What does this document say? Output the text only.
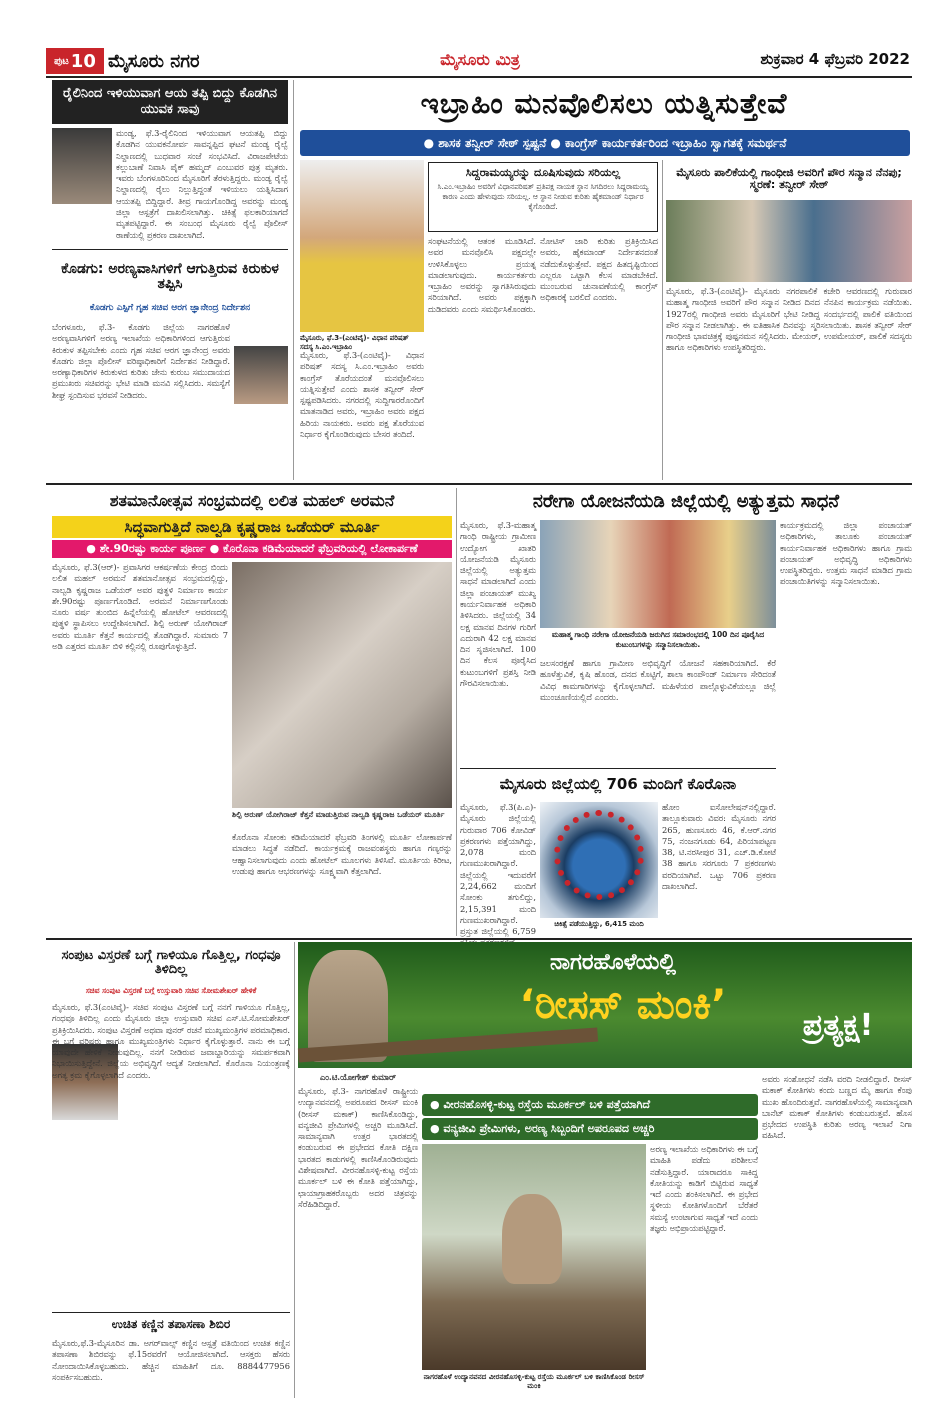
ಪುಟ 10 ಮೈಸೂರು ನಗರ	ಮೈಸೂರು ಮಿತ್ರ	ಶುಕ್ರವಾರ 4 ಫೆಬ್ರವರಿ 2022
ರೈಲಿನಿಂದ ಇಳಿಯುವಾಗ ಆಯ ತಪ್ಪಿ ಬಿದ್ದು ಕೊಡಗಿನ ಯುವಕ ಸಾವು
ಮಂಡ್ಯ, ಫೆ.3-ರೈಲಿನಿಂದ ಇಳಿಯುವಾಗ ಆಯತಪ್ಪಿ ಬಿದ್ದು ಕೊಡಗಿನ ಯುವಕನೋರ್ವ ಸಾವನ್ನಪ್ಪಿದ ಘಟನೆ ಮಂಡ್ಯ ರೈಲ್ವೆ ನಿಲ್ದಾಣದಲ್ಲಿ ಬುಧವಾರ ಸಂಜೆ ಸಂಭವಿಸಿದೆ. ವಿರಾಜಪೇಟೆಯ ಕಲ್ಲುಬಾಣೆ ನಿವಾಸಿ ಪೈಕ್ ಹಮ್ಮದ್ ಎಂಬುವರ ಪುತ್ರ ಮೃತರು. ಇವರು ಬೆಂಗಳೂರಿನಿಂದ ಮೈಸೂರಿಗೆ ತೆರಳುತ್ತಿದ್ದರು. ಮಂಡ್ಯ ರೈಲ್ವೆ ನಿಲ್ದಾಣದಲ್ಲಿ ರೈಲು ನಿಲ್ಲುತ್ತಿದ್ದಂತೆ ಇಳಿಯಲು ಯತ್ನಿಸಿದಾಗ ಆಯತಪ್ಪಿ ಬಿದ್ದಿದ್ದಾರೆ. ತೀವ್ರ ಗಾಯಗೊಂಡಿದ್ದ ಅವರನ್ನು ಮಂಡ್ಯ ಜಿಲ್ಲಾ ಆಸ್ಪತ್ರೆಗೆ ದಾಖಲಿಸಲಾಗಿತ್ತು. ಚಿಕಿತ್ಸೆ ಫಲಕಾರಿಯಾಗದೆ ಮೃತಪಟ್ಟಿದ್ದಾರೆ. ಈ ಸಂಬಂಧ ಮೈಸೂರು ರೈಲ್ವೆ ಪೊಲೀಸ್ ಠಾಣೆಯಲ್ಲಿ ಪ್ರಕರಣ ದಾಖಲಾಗಿದೆ.
ಕೊಡಗು: ಅರಣ್ಯವಾಸಿಗಳಿಗೆ ಆಗುತ್ತಿರುವ ಕಿರುಕುಳ ತಪ್ಪಿಸಿ
ಕೊಡಗು ಎಸ್ಪಿಗೆ ಗೃಹ ಸಚಿವ ಆರಗ ಜ್ಞಾನೇಂದ್ರ ನಿರ್ದೇಶನ
ಬೆಂಗಳೂರು, ಫೆ.3- ಕೊಡಗು ಜಿಲ್ಲೆಯ ನಾಗರಹೊಳೆ ಅರಣ್ಯವಾಸಿಗಳಿಗೆ ಅರಣ್ಯ ಇಲಾಖೆಯ ಅಧಿಕಾರಿಗಳಿಂದ ಆಗುತ್ತಿರುವ ಕಿರುಕುಳ ತಪ್ಪಿಸಬೇಕು ಎಂದು ಗೃಹ ಸಚಿವ ಆರಗ ಜ್ಞಾನೇಂದ್ರ ಅವರು ಕೊಡಗು ಜಿಲ್ಲಾ ಪೊಲೀಸ್ ವರಿಷ್ಠಾಧಿಕಾರಿಗೆ ನಿರ್ದೇಶನ ನೀಡಿದ್ದಾರೆ. ಅರಣ್ಯಾಧಿಕಾರಿಗಳ ಕಿರುಕುಳದ ಕುರಿತು ಜೇನು ಕುರುಬ ಸಮುದಾಯದ ಪ್ರಮುಖರು ಸಚಿವರನ್ನು ಭೇಟಿ ಮಾಡಿ ಮನವಿ ಸಲ್ಲಿಸಿದರು. ಸಮಸ್ಯೆಗೆ ಶೀಘ್ರ ಸ್ಪಂದಿಸುವ ಭರವಸೆ ನೀಡಿದರು.
ಇಬ್ರಾಹಿಂ ಮನವೊಲಿಸಲು ಯತ್ನಿಸುತ್ತೇವೆ
● ಶಾಸಕ ತನ್ವೀರ್ ಸೇಠ್ ಸ್ಪಷ್ಟನೆ ● ಕಾಂಗ್ರೆಸ್ ಕಾರ್ಯಕರ್ತರಿಂದ ಇಬ್ರಾಹಿಂ ಸ್ವಾಗತಕ್ಕೆ ಸಮರ್ಥನೆ
ಮೈಸೂರು, ಫೆ.3-(ಎಂಟಿವೈ)- ವಿಧಾನ ಪರಿಷತ್ ಸದಸ್ಯ ಸಿ.ಎಂ.ಇಬ್ರಾಹಿಂ
ಸಿದ್ದರಾಮಯ್ಯರನ್ನು ದೂಷಿಸುವುದು ಸರಿಯಲ್ಲ
ಸಿ.ಎಂ.ಇಬ್ರಾಹಿಂ ಅವರಿಗೆ ವಿಧಾನಪರಿಷತ್ ಪ್ರತಿಪಕ್ಷ ನಾಯಕ ಸ್ಥಾನ ಸಿಗದಿರಲು ಸಿದ್ದರಾಮಯ್ಯ ಕಾರಣ ಎಂದು ಹೇಳುವುದು ಸರಿಯಲ್ಲ. ಆ ಸ್ಥಾನ ನೀಡುವ ಕುರಿತು ಹೈಕಮಾಂಡ್ ನಿರ್ಧಾರ ಕೈಗೊಂಡಿದೆ.
ಮೈಸೂರು, ಫೆ.3-(ಎಂಟಿವೈ)- ವಿಧಾನ ಪರಿಷತ್ ಸದಸ್ಯ ಸಿ.ಎಂ.ಇಬ್ರಾಹಿಂ ಅವರು ಕಾಂಗ್ರೆಸ್ ತೊರೆಯದಂತೆ ಮನವೊಲಿಸಲು ಯತ್ನಿಸುತ್ತೇವೆ ಎಂದು ಶಾಸಕ ತನ್ವೀರ್ ಸೇಠ್ ಸ್ಪಷ್ಟಪಡಿಸಿದರು. ನಗರದಲ್ಲಿ ಸುದ್ದಿಗಾರರೊಂದಿಗೆ ಮಾತನಾಡಿದ ಅವರು, ಇಬ್ರಾಹಿಂ ಅವರು ಪಕ್ಷದ ಹಿರಿಯ ನಾಯಕರು. ಅವರು ಪಕ್ಷ ತೊರೆಯುವ ನಿರ್ಧಾರ ಕೈಗೊಂಡಿರುವುದು ಬೇಸರ ತಂದಿದೆ.
ಸಂಘಟನೆಯಲ್ಲಿ ಆತಂಕ ಮೂಡಿಸಿದೆ. ಅವರ ಮನವೊಲಿಸಿ ಪಕ್ಷದಲ್ಲೇ ಉಳಿಸಿಕೊಳ್ಳಲು ಪ್ರಯತ್ನ ಮಾಡಲಾಗುವುದು. ಕಾರ್ಯಕರ್ತರು ಇಬ್ರಾಹಿಂ ಅವರನ್ನು ಸ್ವಾಗತಿಸಿರುವುದು ಸರಿಯಾಗಿದೆ. ಅವರು ಪಕ್ಷಕ್ಕಾಗಿ ದುಡಿದವರು ಎಂದು ಸಮರ್ಥಿಸಿಕೊಂಡರು.
ನೋಟಿಸ್ ಜಾರಿ ಕುರಿತು ಪ್ರತಿಕ್ರಿಯಿಸಿದ ಅವರು, ಹೈಕಮಾಂಡ್ ನಿರ್ದೇಶನದಂತೆ ನಡೆದುಕೊಳ್ಳುತ್ತೇವೆ. ಪಕ್ಷದ ಹಿತದೃಷ್ಟಿಯಿಂದ ಎಲ್ಲರೂ ಒಟ್ಟಾಗಿ ಕೆಲಸ ಮಾಡಬೇಕಿದೆ. ಮುಂಬರುವ ಚುನಾವಣೆಯಲ್ಲಿ ಕಾಂಗ್ರೆಸ್ ಅಧಿಕಾರಕ್ಕೆ ಬರಲಿದೆ ಎಂದರು.
ಮೈಸೂರು ಪಾಲಿಕೆಯಲ್ಲಿ ಗಾಂಧೀಜಿ ಅವರಿಗೆ ಪೌರ ಸನ್ಮಾನ ನೆನಪು; ಸ್ಮರಣೆ: ತನ್ವೀರ್ ಸೇಠ್
ಮೈಸೂರು, ಫೆ.3-(ಎಂಟಿವೈ)- ಮೈಸೂರು ನಗರಪಾಲಿಕೆ ಕಚೇರಿ ಆವರಣದಲ್ಲಿ ಗುರುವಾರ ಮಹಾತ್ಮ ಗಾಂಧೀಜಿ ಅವರಿಗೆ ಪೌರ ಸನ್ಮಾನ ನೀಡಿದ ದಿನದ ನೆನಪಿನ ಕಾರ್ಯಕ್ರಮ ನಡೆಯಿತು. 1927ರಲ್ಲಿ ಗಾಂಧೀಜಿ ಅವರು ಮೈಸೂರಿಗೆ ಭೇಟಿ ನೀಡಿದ್ದ ಸಂದರ್ಭದಲ್ಲಿ ಪಾಲಿಕೆ ವತಿಯಿಂದ ಪೌರ ಸನ್ಮಾನ ನೀಡಲಾಗಿತ್ತು. ಈ ಐತಿಹಾಸಿಕ ದಿನವನ್ನು ಸ್ಮರಿಸಲಾಯಿತು. ಶಾಸಕ ತನ್ವೀರ್ ಸೇಠ್ ಗಾಂಧೀಜಿ ಭಾವಚಿತ್ರಕ್ಕೆ ಪುಷ್ಪನಮನ ಸಲ್ಲಿಸಿದರು. ಮೇಯರ್, ಉಪಮೇಯರ್, ಪಾಲಿಕೆ ಸದಸ್ಯರು ಹಾಗೂ ಅಧಿಕಾರಿಗಳು ಉಪಸ್ಥಿತರಿದ್ದರು.
ಶತಮಾನೋತ್ಸವ ಸಂಭ್ರಮದಲ್ಲಿ ಲಲಿತ ಮಹಲ್ ಅರಮನೆ
ಸಿದ್ಧವಾಗುತ್ತಿದೆ ನಾಲ್ವಡಿ ಕೃಷ್ಣರಾಜ ಒಡೆಯರ್ ಮೂರ್ತಿ
● ಶೇ.90ರಷ್ಟು ಕಾರ್ಯ ಪೂರ್ಣ ● ಕೊರೊನಾ ಕಡಿಮೆಯಾದರೆ ಫೆಬ್ರವರಿಯಲ್ಲಿ ಲೋಕಾರ್ಪಣೆ
ಮೈಸೂರು, ಫೆ.3(ಆರ್)- ಪ್ರವಾಸಿಗರ ಆಕರ್ಷಣೆಯ ಕೇಂದ್ರ ಬಿಂದು ಲಲಿತ ಮಹಲ್ ಅರಮನೆ ಶತಮಾನೋತ್ಸವ ಸಂಭ್ರಮದಲ್ಲಿದ್ದು, ನಾಲ್ವಡಿ ಕೃಷ್ಣರಾಜ ಒಡೆಯರ್ ಅವರ ಪುತ್ಥಳಿ ನಿರ್ಮಾಣ ಕಾರ್ಯ ಶೇ.90ರಷ್ಟು ಪೂರ್ಣಗೊಂಡಿದೆ. ಅರಮನೆ ನಿರ್ಮಾಣಗೊಂಡು ನೂರು ವರ್ಷ ತುಂಬಿದ ಹಿನ್ನೆಲೆಯಲ್ಲಿ ಹೋಟೆಲ್ ಆವರಣದಲ್ಲಿ ಪುತ್ಥಳಿ ಸ್ಥಾಪಿಸಲು ಉದ್ದೇಶಿಸಲಾಗಿದೆ. ಶಿಲ್ಪಿ ಅರುಣ್ ಯೋಗಿರಾಜ್ ಅವರು ಮೂರ್ತಿ ಕೆತ್ತನೆ ಕಾರ್ಯದಲ್ಲಿ ತೊಡಗಿದ್ದಾರೆ. ಸುಮಾರು 7 ಅಡಿ ಎತ್ತರದ ಮೂರ್ತಿ ಬಿಳಿ ಕಲ್ಲಿನಲ್ಲಿ ರೂಪುಗೊಳ್ಳುತ್ತಿದೆ.
ಶಿಲ್ಪಿ ಅರುಣ್ ಯೋಗಿರಾಜ್ ಕೆತ್ತನೆ ಮಾಡುತ್ತಿರುವ ನಾಲ್ವಡಿ ಕೃಷ್ಣರಾಜ ಒಡೆಯರ್ ಮೂರ್ತಿ
ಕೊರೊನಾ ಸೋಂಕು ಕಡಿಮೆಯಾದರೆ ಫೆಬ್ರವರಿ ತಿಂಗಳಲ್ಲಿ ಮೂರ್ತಿ ಲೋಕಾರ್ಪಣೆ ಮಾಡಲು ಸಿದ್ಧತೆ ನಡೆದಿದೆ. ಕಾರ್ಯಕ್ರಮಕ್ಕೆ ರಾಜವಂಶಸ್ಥರು ಹಾಗೂ ಗಣ್ಯರನ್ನು ಆಹ್ವಾನಿಸಲಾಗುವುದು ಎಂದು ಹೋಟೆಲ್ ಮೂಲಗಳು ತಿಳಿಸಿವೆ. ಮೂರ್ತಿಯ ಕಿರೀಟ, ಉಡುಪು ಹಾಗೂ ಆಭರಣಗಳನ್ನು ಸೂಕ್ಷ್ಮವಾಗಿ ಕೆತ್ತಲಾಗಿದೆ.
ನರೇಗಾ ಯೋಜನೆಯಡಿ ಜಿಲ್ಲೆಯಲ್ಲಿ ಅತ್ಯುತ್ತಮ ಸಾಧನೆ
ಮೈಸೂರು, ಫೆ.3-ಮಹಾತ್ಮ ಗಾಂಧಿ ರಾಷ್ಟ್ರೀಯ ಗ್ರಾಮೀಣ ಉದ್ಯೋಗ ಖಾತರಿ ಯೋಜನೆಯಡಿ ಮೈಸೂರು ಜಿಲ್ಲೆಯಲ್ಲಿ ಅತ್ಯುತ್ತಮ ಸಾಧನೆ ಮಾಡಲಾಗಿದೆ ಎಂದು ಜಿಲ್ಲಾ ಪಂಚಾಯತ್ ಮುಖ್ಯ ಕಾರ್ಯನಿರ್ವಾಹಕ ಅಧಿಕಾರಿ ತಿಳಿಸಿದರು. ಜಿಲ್ಲೆಯಲ್ಲಿ 34 ಲಕ್ಷ ಮಾನವ ದಿನಗಳ ಗುರಿಗೆ ಎದುರಾಗಿ 42 ಲಕ್ಷ ಮಾನವ ದಿನ ಸೃಜಿಸಲಾಗಿದೆ. 100 ದಿನ ಕೆಲಸ ಪೂರೈಸಿದ ಕುಟುಂಬಗಳಿಗೆ ಪ್ರಶಸ್ತಿ ನೀಡಿ ಗೌರವಿಸಲಾಯಿತು.
ಮಹಾತ್ಮ ಗಾಂಧಿ ನರೇಗಾ ಯೋಜನೆಯಡಿ ಜರುಗಿದ ಸಮಾರಂಭದಲ್ಲಿ 100 ದಿನ ಪೂರೈಸಿದ ಕುಟುಂಬಗಳನ್ನು ಸನ್ಮಾನಿಸಲಾಯಿತು.
ಜಲಸಂರಕ್ಷಣೆ ಹಾಗೂ ಗ್ರಾಮೀಣ ಅಭಿವೃದ್ಧಿಗೆ ಯೋಜನೆ ಸಹಕಾರಿಯಾಗಿದೆ. ಕೆರೆ ಹೂಳೆತ್ತುವಿಕೆ, ಕೃಷಿ ಹೊಂಡ, ದನದ ಕೊಟ್ಟಿಗೆ, ಶಾಲಾ ಕಾಂಪೌಂಡ್ ನಿರ್ಮಾಣ ಸೇರಿದಂತೆ ವಿವಿಧ ಕಾಮಗಾರಿಗಳನ್ನು ಕೈಗೊಳ್ಳಲಾಗಿದೆ. ಮಹಿಳೆಯರ ಪಾಲ್ಗೊಳ್ಳುವಿಕೆಯಲ್ಲೂ ಜಿಲ್ಲೆ ಮುಂಚೂಣಿಯಲ್ಲಿದೆ ಎಂದರು.
ಕಾರ್ಯಕ್ರಮದಲ್ಲಿ ಜಿಲ್ಲಾ ಪಂಚಾಯತ್ ಅಧಿಕಾರಿಗಳು, ತಾಲೂಕು ಪಂಚಾಯತ್ ಕಾರ್ಯನಿರ್ವಾಹಕ ಅಧಿಕಾರಿಗಳು ಹಾಗೂ ಗ್ರಾಮ ಪಂಚಾಯತ್ ಅಭಿವೃದ್ಧಿ ಅಧಿಕಾರಿಗಳು ಉಪಸ್ಥಿತರಿದ್ದರು. ಉತ್ತಮ ಸಾಧನೆ ಮಾಡಿದ ಗ್ರಾಮ ಪಂಚಾಯಿತಿಗಳನ್ನು ಸನ್ಮಾನಿಸಲಾಯಿತು.
ಮೈಸೂರು ಜಿಲ್ಲೆಯಲ್ಲಿ 706 ಮಂದಿಗೆ ಕೊರೊನಾ
ಮೈಸೂರು, ಫೆ.3(ಪಿ.ಎ)- ಮೈಸೂರು ಜಿಲ್ಲೆಯಲ್ಲಿ ಗುರುವಾರ 706 ಕೋವಿಡ್ ಪ್ರಕರಣಗಳು ಪತ್ತೆಯಾಗಿದ್ದು, 2,078 ಮಂದಿ ಗುಣಮುಖರಾಗಿದ್ದಾರೆ. ಜಿಲ್ಲೆಯಲ್ಲಿ ಇದುವರೆಗೆ 2,24,662 ಮಂದಿಗೆ ಸೋಂಕು ತಗುಲಿದ್ದು, 2,15,391 ಮಂದಿ ಗುಣಮುಖರಾಗಿದ್ದಾರೆ. ಪ್ರಸ್ತುತ ಜಿಲ್ಲೆಯಲ್ಲಿ 6,759
ಚಿಕಿತ್ಸೆ ಪಡೆಯುತ್ತಿದ್ದು, 6,415 ಮಂದಿ
ಹೋಂ ಐಸೋಲೇಷನ್‌ನಲ್ಲಿದ್ದಾರೆ. ತಾಲ್ಲೂಕುವಾರು ವಿವರ: ಮೈಸೂರು ನಗರ 265, ಹುಣಸೂರು 46, ಕೆ.ಆರ್.ನಗರ 75, ನಂಜನಗೂಡು 64, ಪಿರಿಯಾಪಟ್ಟಣ 38, ಟಿ.ನರಸೀಪುರ 31, ಎಚ್.ಡಿ.ಕೋಟೆ 38 ಹಾಗೂ ಸರಗೂರು 7 ಪ್ರಕರಣಗಳು ವರದಿಯಾಗಿವೆ. ಒಟ್ಟು 706 ಪ್ರಕರಣ ದಾಖಲಾಗಿದೆ.
ಸಂಪುಟ ವಿಸ್ತರಣೆ ಬಗ್ಗೆ ಗಾಳಿಯೂ ಗೊತ್ತಿಲ್ಲ, ಗಂಧವೂ ತಿಳಿದಿಲ್ಲ
ಸಚಿವ ಸಂಪುಟ ವಿಸ್ತರಣೆ ಬಗ್ಗೆ ಉಸ್ತುವಾರಿ ಸಚಿವ ಸೋಮಶೇಖರ್ ಹೇಳಿಕೆ
ಮೈಸೂರು, ಫೆ.3(ಎಂಟಿವೈ)- ಸಚಿವ ಸಂಪುಟ ವಿಸ್ತರಣೆ ಬಗ್ಗೆ ನನಗೆ ಗಾಳಿಯೂ ಗೊತ್ತಿಲ್ಲ, ಗಂಧವೂ ತಿಳಿದಿಲ್ಲ ಎಂದು ಮೈಸೂರು ಜಿಲ್ಲಾ ಉಸ್ತುವಾರಿ ಸಚಿವ ಎಸ್.ಟಿ.ಸೋಮಶೇಖರ್ ಪ್ರತಿಕ್ರಿಯಿಸಿದರು. ಸಂಪುಟ ವಿಸ್ತರಣೆ ಅಥವಾ ಪುನರ್ ರಚನೆ ಮುಖ್ಯಮಂತ್ರಿಗಳ ಪರಮಾಧಿಕಾರ. ಈ ಬಗ್ಗೆ ವರಿಷ್ಠರು ಹಾಗೂ ಮುಖ್ಯಮಂತ್ರಿಗಳು ನಿರ್ಧಾರ ಕೈಗೊಳ್ಳುತ್ತಾರೆ. ನಾನು ಈ ಬಗ್ಗೆ ಯಾವುದೇ ಹೇಳಿಕೆ ನೀಡುವುದಿಲ್ಲ. ನನಗೆ ನೀಡಿರುವ ಜವಾಬ್ದಾರಿಯನ್ನು ಸಮರ್ಪಕವಾಗಿ ನಿಭಾಯಿಸುತ್ತಿದ್ದೇನೆ. ಜಿಲ್ಲೆಯ ಅಭಿವೃದ್ಧಿಗೆ ಆದ್ಯತೆ ನೀಡಲಾಗಿದೆ. ಕೊರೊನಾ ನಿಯಂತ್ರಣಕ್ಕೆ ಅಗತ್ಯ ಕ್ರಮ ಕೈಗೊಳ್ಳಲಾಗಿದೆ ಎಂದರು.
ಉಚಿತ ಕಣ್ಣಿನ ತಪಾಸಣಾ ಶಿಬಿರ
ಮೈಸೂರು,ಫೆ.3-ಮೈಸೂರಿನ ಡಾ. ಅಗರ್‌ವಾಲ್ಸ್ ಕಣ್ಣಿನ ಆಸ್ಪತ್ರೆ ವತಿಯಿಂದ ಉಚಿತ ಕಣ್ಣಿನ ತಪಾಸಣಾ ಶಿಬಿರವನ್ನು ಫೆ.15ರವರೆಗೆ ಆಯೋಜಿಸಲಾಗಿದೆ. ಆಸಕ್ತರು ಹೆಸರು ನೋಂದಾಯಿಸಿಕೊಳ್ಳಬಹುದು. ಹೆಚ್ಚಿನ ಮಾಹಿತಿಗೆ ದೂ. 8884477956 ಸಂಪರ್ಕಿಸಬಹುದು.
ನಾಗರಹೊಳೆಯಲ್ಲಿ
‘ರೀಸಸ್ ಮಂಕಿ’	ಪ್ರತ್ಯಕ್ಷ!
ಎಂ.ಟಿ.ಯೋಗೇಶ್ ಕುಮಾರ್
ಮೈಸೂರು, ಫೆ.3- ನಾಗರಹೊಳೆ ರಾಷ್ಟ್ರೀಯ ಉದ್ಯಾನವನದಲ್ಲಿ ಅಪರೂಪದ ರೀಸಸ್ ಮಂಕಿ (ರೀಸಸ್ ಮಕಾಕ್) ಕಾಣಿಸಿಕೊಂಡಿದ್ದು, ವನ್ಯಜೀವಿ ಪ್ರೇಮಿಗಳಲ್ಲಿ ಅಚ್ಚರಿ ಮೂಡಿಸಿದೆ. ಸಾಮಾನ್ಯವಾಗಿ ಉತ್ತರ ಭಾರತದಲ್ಲಿ ಕಂಡುಬರುವ ಈ ಪ್ರಭೇದದ ಕೋತಿ ದಕ್ಷಿಣ ಭಾರತದ ಕಾಡುಗಳಲ್ಲಿ ಕಾಣಿಸಿಕೊಂಡಿರುವುದು ವಿಶೇಷವಾಗಿದೆ. ವೀರನಹೊಸಳ್ಳಿ-ಕುಟ್ಟ ರಸ್ತೆಯ ಮೂರ್ಕಲ್ ಬಳಿ ಈ ಕೋತಿ ಪತ್ತೆಯಾಗಿದ್ದು, ಛಾಯಾಗ್ರಾಹಕರೊಬ್ಬರು ಅದರ ಚಿತ್ರವನ್ನು ಸೆರೆಹಿಡಿದಿದ್ದಾರೆ.
● ವೀರನಹೊಸಳ್ಳಿ-ಕುಟ್ಟ ರಸ್ತೆಯ ಮೂರ್ಕಲ್ ಬಳಿ ಪತ್ತೆಯಾಗಿದೆ
● ವನ್ಯಜೀವಿ ಪ್ರೇಮಿಗಳು, ಅರಣ್ಯ ಸಿಬ್ಬಂದಿಗೆ ಅಪರೂಪದ ಅಚ್ಚರಿ
ನಾಗರಹೊಳೆ ಉದ್ಯಾನವನದ ವೀರನಹೊಸಳ್ಳಿ-ಕುಟ್ಟ ರಸ್ತೆಯ ಮೂರ್ಕಲ್ ಬಳಿ ಕಾಣಿಸಿಕೊಂಡ ರೀಸಸ್ ಮಂಕಿ
ಅರಣ್ಯ ಇಲಾಖೆಯ ಅಧಿಕಾರಿಗಳು ಈ ಬಗ್ಗೆ ಮಾಹಿತಿ ಪಡೆದು ಪರಿಶೀಲನೆ ನಡೆಸುತ್ತಿದ್ದಾರೆ. ಯಾರಾದರೂ ಸಾಕಿದ್ದ ಕೋತಿಯನ್ನು ಕಾಡಿಗೆ ಬಿಟ್ಟಿರುವ ಸಾಧ್ಯತೆ ಇದೆ ಎಂದು ಶಂಕಿಸಲಾಗಿದೆ. ಈ ಪ್ರಭೇದ ಸ್ಥಳೀಯ ಕೋತಿಗಳೊಂದಿಗೆ ಬೆರೆತರೆ ಸಮಸ್ಯೆ ಉಂಟಾಗುವ ಸಾಧ್ಯತೆ ಇದೆ ಎಂದು ತಜ್ಞರು ಅಭಿಪ್ರಾಯಪಟ್ಟಿದ್ದಾರೆ.
ಅವರು ಸಂಶೋಧನೆ ನಡೆಸಿ ವರದಿ ನೀಡಲಿದ್ದಾರೆ. ರೀಸಸ್ ಮಕಾಕ್ ಕೋತಿಗಳು ಕಂದು ಬಣ್ಣದ ಮೈ ಹಾಗೂ ಕೆಂಪು ಮುಖ ಹೊಂದಿರುತ್ತವೆ. ನಾಗರಹೊಳೆಯಲ್ಲಿ ಸಾಮಾನ್ಯವಾಗಿ ಬಾನೆಟ್ ಮಕಾಕ್ ಕೋತಿಗಳು ಕಂಡುಬರುತ್ತವೆ. ಹೊಸ ಪ್ರಭೇದದ ಉಪಸ್ಥಿತಿ ಕುರಿತು ಅರಣ್ಯ ಇಲಾಖೆ ನಿಗಾ ವಹಿಸಿದೆ.
